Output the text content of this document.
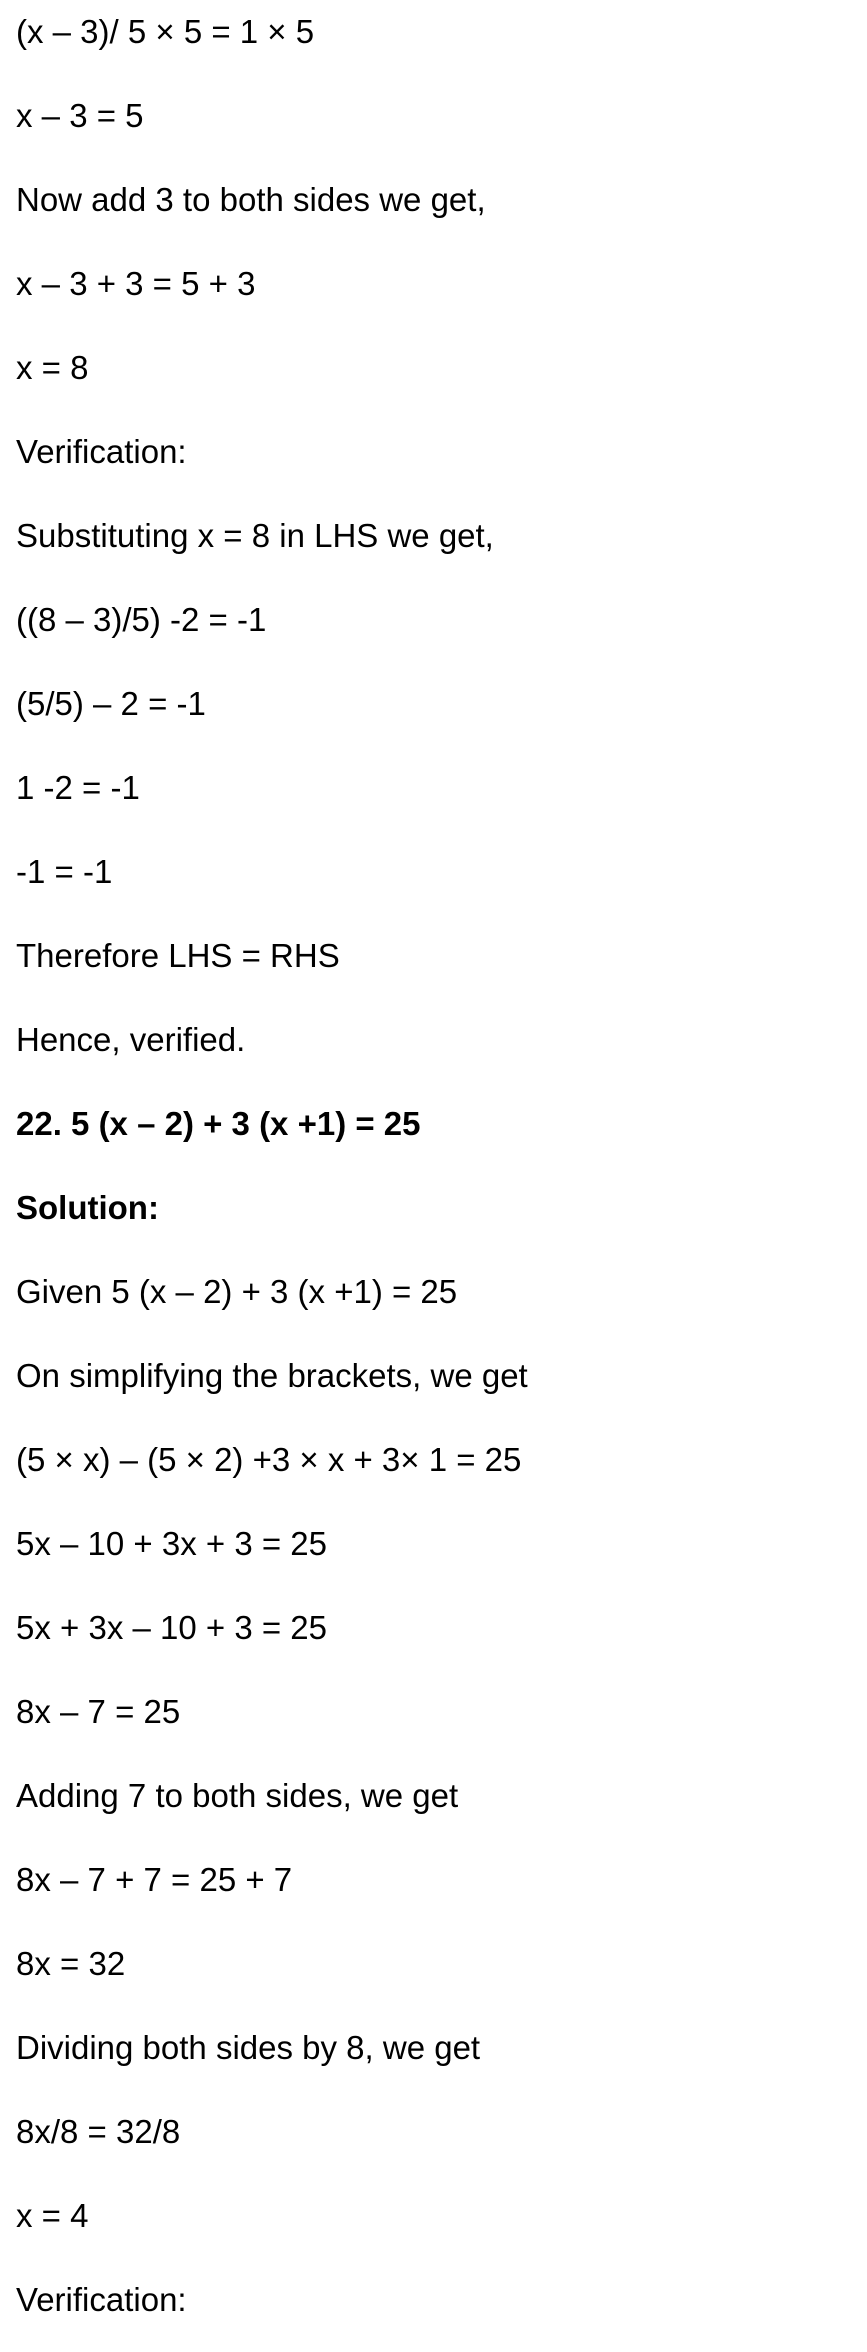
(x – 3)/ 5 × 5 = 1 × 5
x – 3 = 5
Now add 3 to both sides we get,
x – 3 + 3 = 5 + 3
x = 8
Verification:
Substituting x = 8 in LHS we get,
((8 – 3)/5) -2 = -1
(5/5) – 2 = -1
1 -2 = -1
-1 = -1
Therefore LHS = RHS
Hence, verified.
22. 5 (x – 2) + 3 (x +1) = 25
Solution:
Given 5 (x – 2) + 3 (x +1) = 25
On simplifying the brackets, we get
(5 × x) – (5 × 2) +3 × x + 3× 1 = 25
5x – 10 + 3x + 3 = 25
5x + 3x – 10 + 3 = 25
8x – 7 = 25
Adding 7 to both sides, we get
8x – 7 + 7 = 25 + 7
8x = 32
Dividing both sides by 8, we get
8x/8 = 32/8
x = 4
Verification:
